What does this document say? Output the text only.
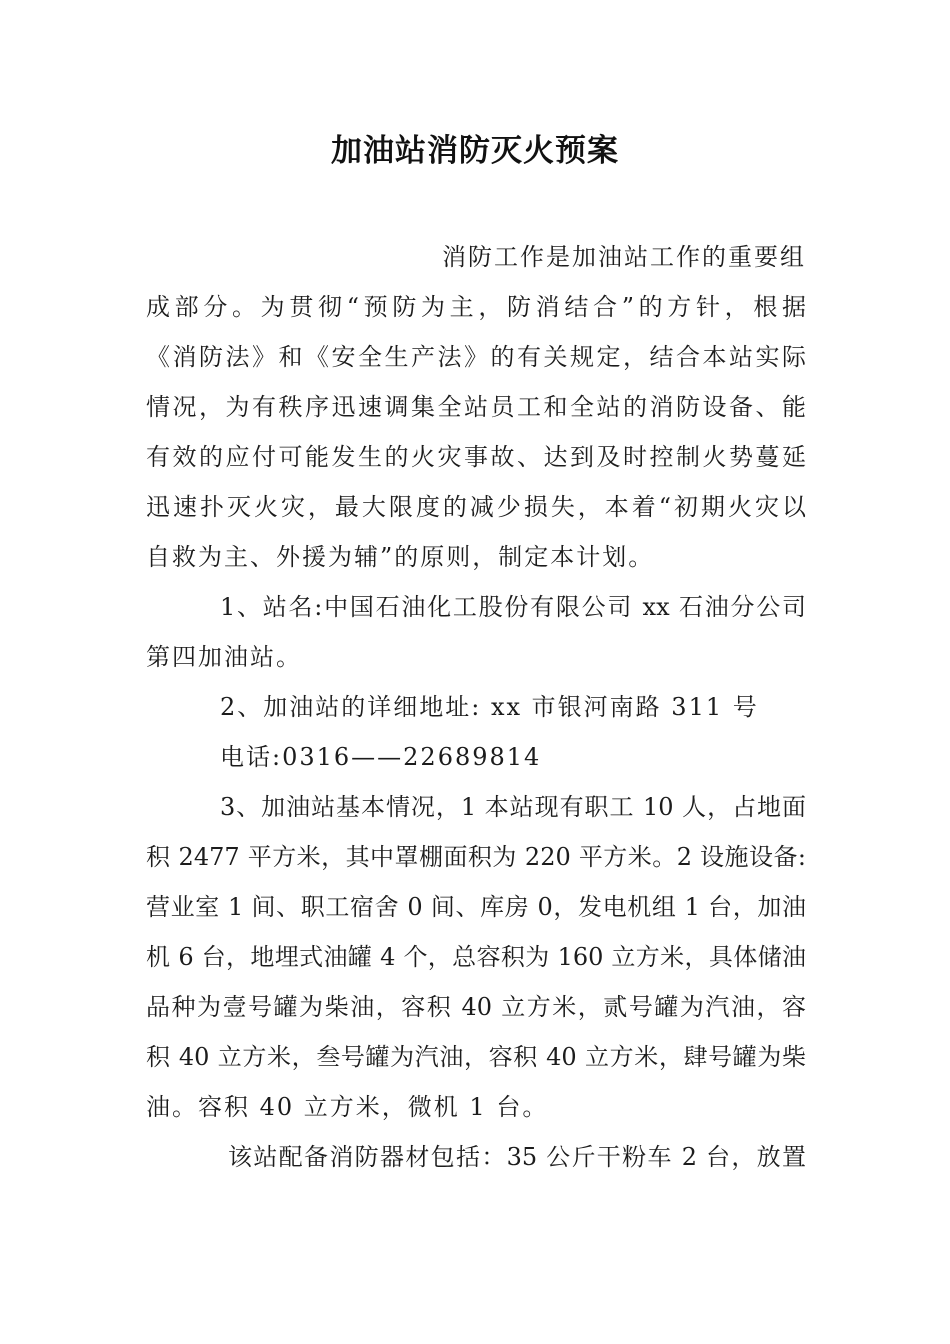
加油站消防灭火预案
消防工作是加油站工作的重要组
成部分。为贯彻“预防为主，防消结合”的方针，根据
《消防法》和《安全生产法》的有关规定，结合本站实际
情况，为有秩序迅速调集全站员工和全站的消防设备、能
有效的应付可能发生的火灾事故、达到及时控制火势蔓延
迅速扑灭火灾，最大限度的减少损失，本着“初期火灾以
自救为主、外援为辅”的原则，制定本计划。
1、站名:中国石油化工股份有限公司 xx 石油分公司
第四加油站。
2、加油站的详细地址: xx 市银河南路 311 号
电话:0316——22689814
3、加油站基本情况，1 本站现有职工 10 人，占地面
积 2477 平方米，其中罩棚面积为 220 平方米。2 设施设备:
营业室 1 间、职工宿舍 0 间、库房 0，发电机组 1 台，加油
机 6 台，地埋式油罐 4 个，总容积为 160 立方米，具体储油
品种为壹号罐为柴油，容积 40 立方米，贰号罐为汽油，容
积 40 立方米，叁号罐为汽油，容积 40 立方米，肆号罐为柴
油。容积 40 立方米，微机 1 台。
该站配备消防器材包括：35 公斤干粉车 2 台，放置
